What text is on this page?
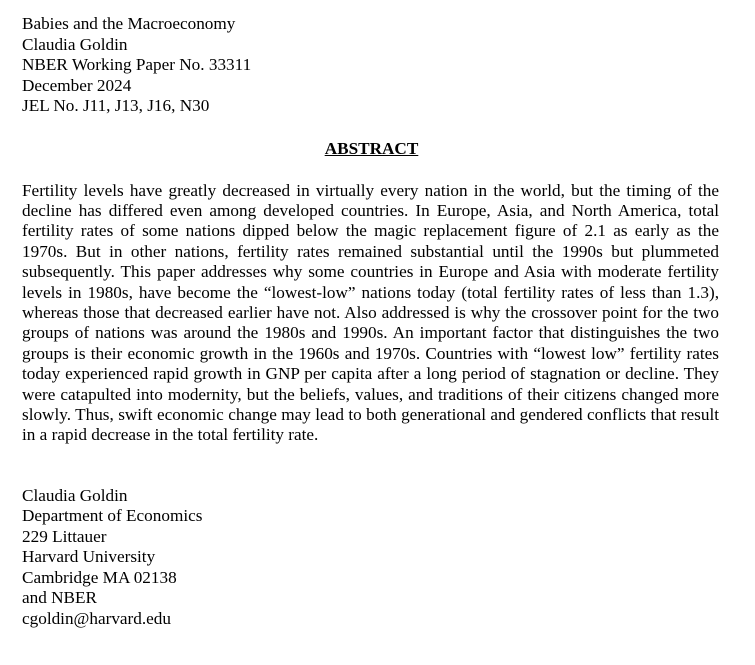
Babies and the Macroeconomy
Claudia Goldin
NBER Working Paper No. 33311
December 2024
JEL No. J11, J13, J16, N30
ABSTRACT

Fertility levels have greatly decreased in virtually every nation in the world, but the timing of the decline has differed even among developed countries. In Europe, Asia, and North America, total fertility rates of some nations dipped below the magic replacement figure of 2.1 as early as the 1970s. But in other nations, fertility rates remained substantial until the 1990s but plummeted subsequently. This paper addresses why some countries in Europe and Asia with moderate fertility levels in 1980s, have become the “lowest-low” nations today (total fertility rates of less than 1.3), whereas those that decreased earlier have not. Also addressed is why the crossover point for the two groups of nations was around the 1980s and 1990s. An important factor that distinguishes the two groups is their economic growth in the 1960s and 1970s. Countries with “lowest low” fertility rates today experienced rapid growth in GNP per capita after a long period of stagnation or decline. They were catapulted into modernity, but the beliefs, values, and traditions of their citizens changed more slowly. Thus, swift economic change may lead to both generational and gendered conflicts that result in a rapid decrease in the total fertility rate.

Claudia Goldin
Department of Economics
229 Littauer
Harvard University
Cambridge MA 02138
and NBER
cgoldin@harvard.edu
